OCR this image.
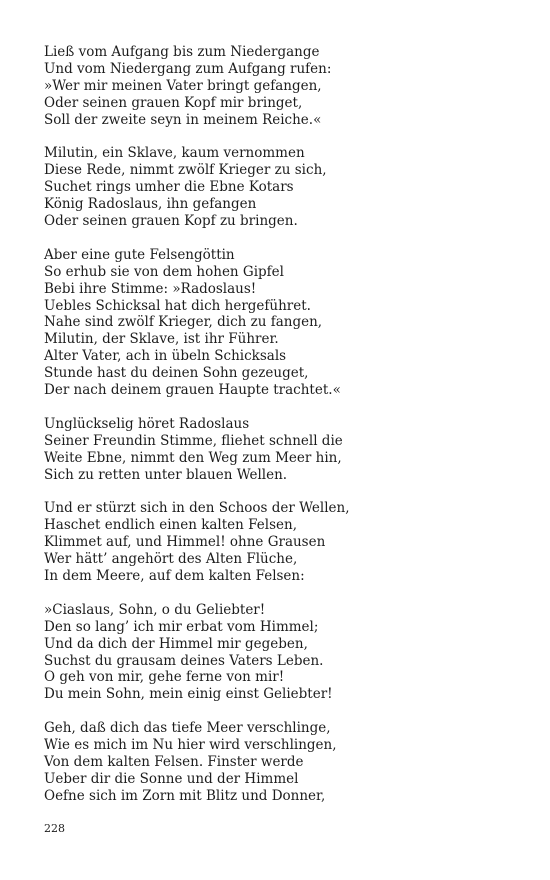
Ließ vom Aufgang bis zum Niedergange
Und vom Niedergang zum Aufgang rufen:
»Wer mir meinen Vater bringt gefangen,
Oder seinen grauen Kopf mir bringet,
Soll der zweite seyn in meinem Reiche.«
Milutin, ein Sklave, kaum vernommen
Diese Rede, nimmt zwölf Krieger zu sich,
Suchet rings umher die Ebne Kotars
König Radoslaus, ihn gefangen
Oder seinen grauen Kopf zu bringen.
Aber eine gute Felsengöttin
So erhub sie von dem hohen Gipfel
Bebi ihre Stimme: »Radoslaus!
Uebles Schicksal hat dich hergeführet.
Nahe sind zwölf Krieger, dich zu fangen,
Milutin, der Sklave, ist ihr Führer.
Alter Vater, ach in übeln Schicksals
Stunde hast du deinen Sohn gezeuget,
Der nach deinem grauen Haupte trachtet.«
Unglückselig höret Radoslaus
Seiner Freundin Stimme, fliehet schnell die
Weite Ebne, nimmt den Weg zum Meer hin,
Sich zu retten unter blauen Wellen.
Und er stürzt sich in den Schoos der Wellen,
Haschet endlich einen kalten Felsen,
Klimmet auf, und Himmel! ohne Grausen
Wer hätt’ angehört des Alten Flüche,
In dem Meere, auf dem kalten Felsen:
»Ciaslaus, Sohn, o du Geliebter!
Den so lang’ ich mir erbat vom Himmel;
Und da dich der Himmel mir gegeben,
Suchst du grausam deines Vaters Leben.
O geh von mir, gehe ferne von mir!
Du mein Sohn, mein einig einst Geliebter!
Geh, daß dich das tiefe Meer verschlinge,
Wie es mich im Nu hier wird verschlingen,
Von dem kalten Felsen. Finster werde
Ueber dir die Sonne und der Himmel
Oefne sich im Zorn mit Blitz und Donner,
228
